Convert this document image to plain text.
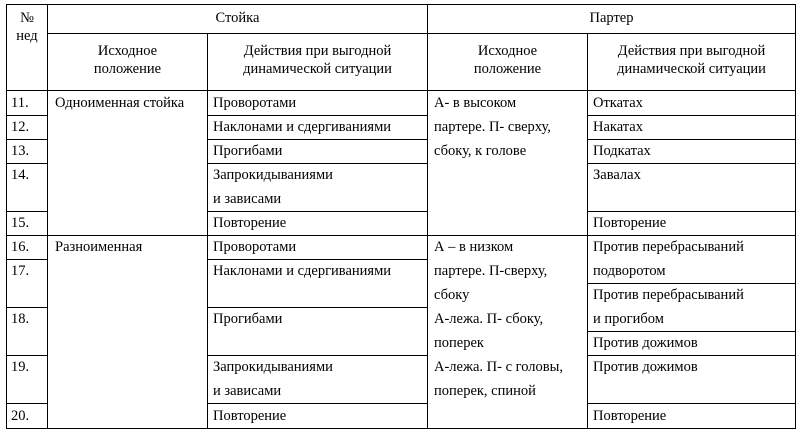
№
нед
Стойка	Партер
Исходное
положение
Действия при выгодной
динамической ситуации
Исходное
положение
Действия при выгодной
динамической ситуации
11.
12.
13.
14.
15.
16.
17.
18.
19.
20.
Одноименная стойка
Разноименная
Проворотами
Наклонами и сдергиваниями
Прогибами
Запрокидываниями
и зависами
Повторение
Проворотами
Наклонами и сдергиваниями
Прогибами
Запрокидываниями
и зависами
Повторение
А- в высоком
партере. П- сверху,
сбоку, к голове
А – в низком
партере. П-сверху,
сбоку
А-лежа. П- сбоку,
поперек
А-лежа. П- с головы,
поперек, спиной
Откатах
Накатах
Подкатах
Завалах
Повторение
Против перебрасываний
подворотом
Против перебрасываний
и прогибом
Против дожимов
Против дожимов
Повторение
